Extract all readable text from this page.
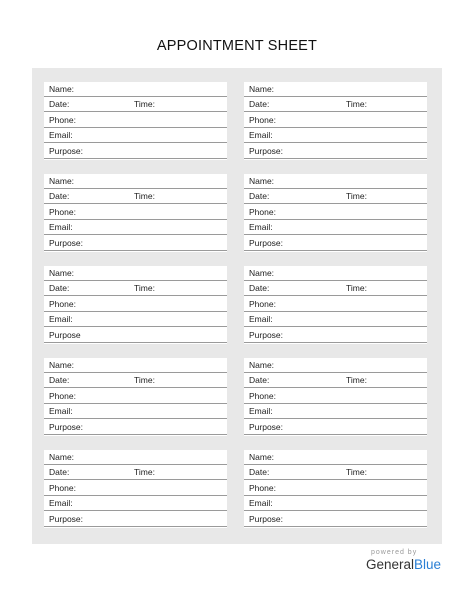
APPOINTMENT SHEET
Name:
Date:	Time:
Phone:
Email:
Purpose:
Name:
Date:	Time:
Phone:
Email:
Purpose:
Name:
Date:	Time:
Phone:
Email:
Purpose:
Name:
Date:	Time:
Phone:
Email:
Purpose:
Name:
Date:	Time:
Phone:
Email:
Purpose
Name:
Date:	Time:
Phone:
Email:
Purpose:
Name:
Date:	Time:
Phone:
Email:
Purpose:
Name:
Date:	Time:
Phone:
Email:
Purpose:
Name:
Date:	Time:
Phone:
Email:
Purpose:
Name:
Date:	Time:
Phone:
Email:
Purpose:
powered by
GeneralBlue
